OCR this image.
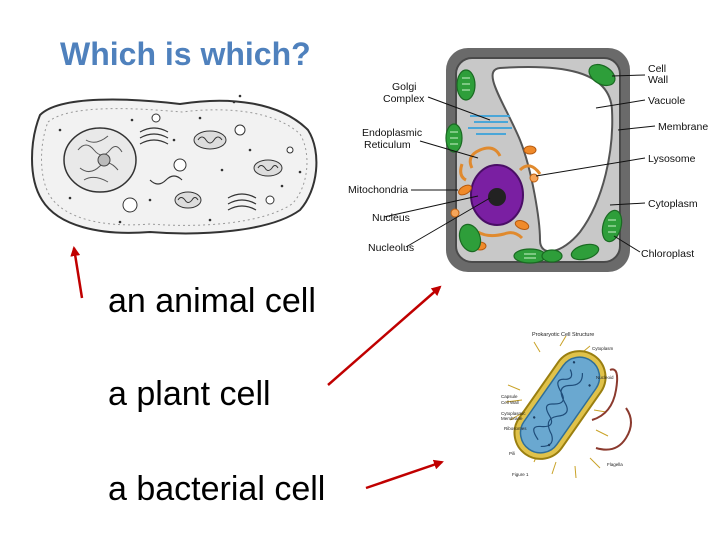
Which is which?
Golgi Complex
Endoplasmic Reticulum
Mitochondria
Nucleus
Nucleolus
Cell Wall
Vacuole
Membrane
Lysosome
Cytoplasm
Chloroplast
Prokaryotic Cell Structure
Capsule
Cell Wall
Cytoplasmic Membrane
Ribosomes
Pili
Cytoplasm
Nucleoid
Flagella
Figure 1
an animal cell
a plant cell
a bacterial cell
